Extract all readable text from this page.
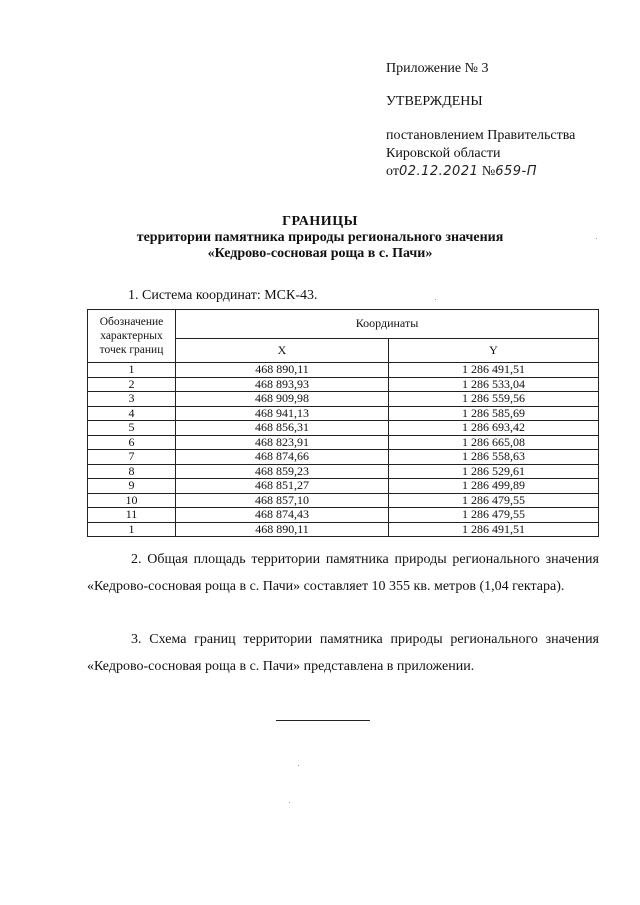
Приложение № 3
УТВЕРЖДЕНЫ
постановлением Правительства
Кировской области
от02.12.2021 №659-П
ГРАНИЦЫ
территории памятника природы регионального значения
«Кедрово-сосновая роща в с. Пачи»
1. Система координат: МСК-43.
Обозначение характерных точек границ	Координаты	
	X	Y
1	468 890,11	1 286 491,51
2	468 893,93	1 286 533,04
3	468 909,98	1 286 559,56
4	468 941,13	1 286 585,69
5	468 856,31	1 286 693,42
6	468 823,91	1 286 665,08
7	468 874,66	1 286 558,63
8	468 859,23	1 286 529,61
9	468 851,27	1 286 499,89
10	468 857,10	1 286 479,55
11	468 874,43	1 286 479,55
1	468 890,11	1 286 491,51
2. Общая площадь территории памятника природы регионального значения «Кедрово-сосновая роща в с. Пачи» составляет 10 355 кв. метров (1,04 гектара).
3. Схема границ территории памятника природы регионального значения «Кедрово-сосновая роща в с. Пачи» представлена в приложении.
